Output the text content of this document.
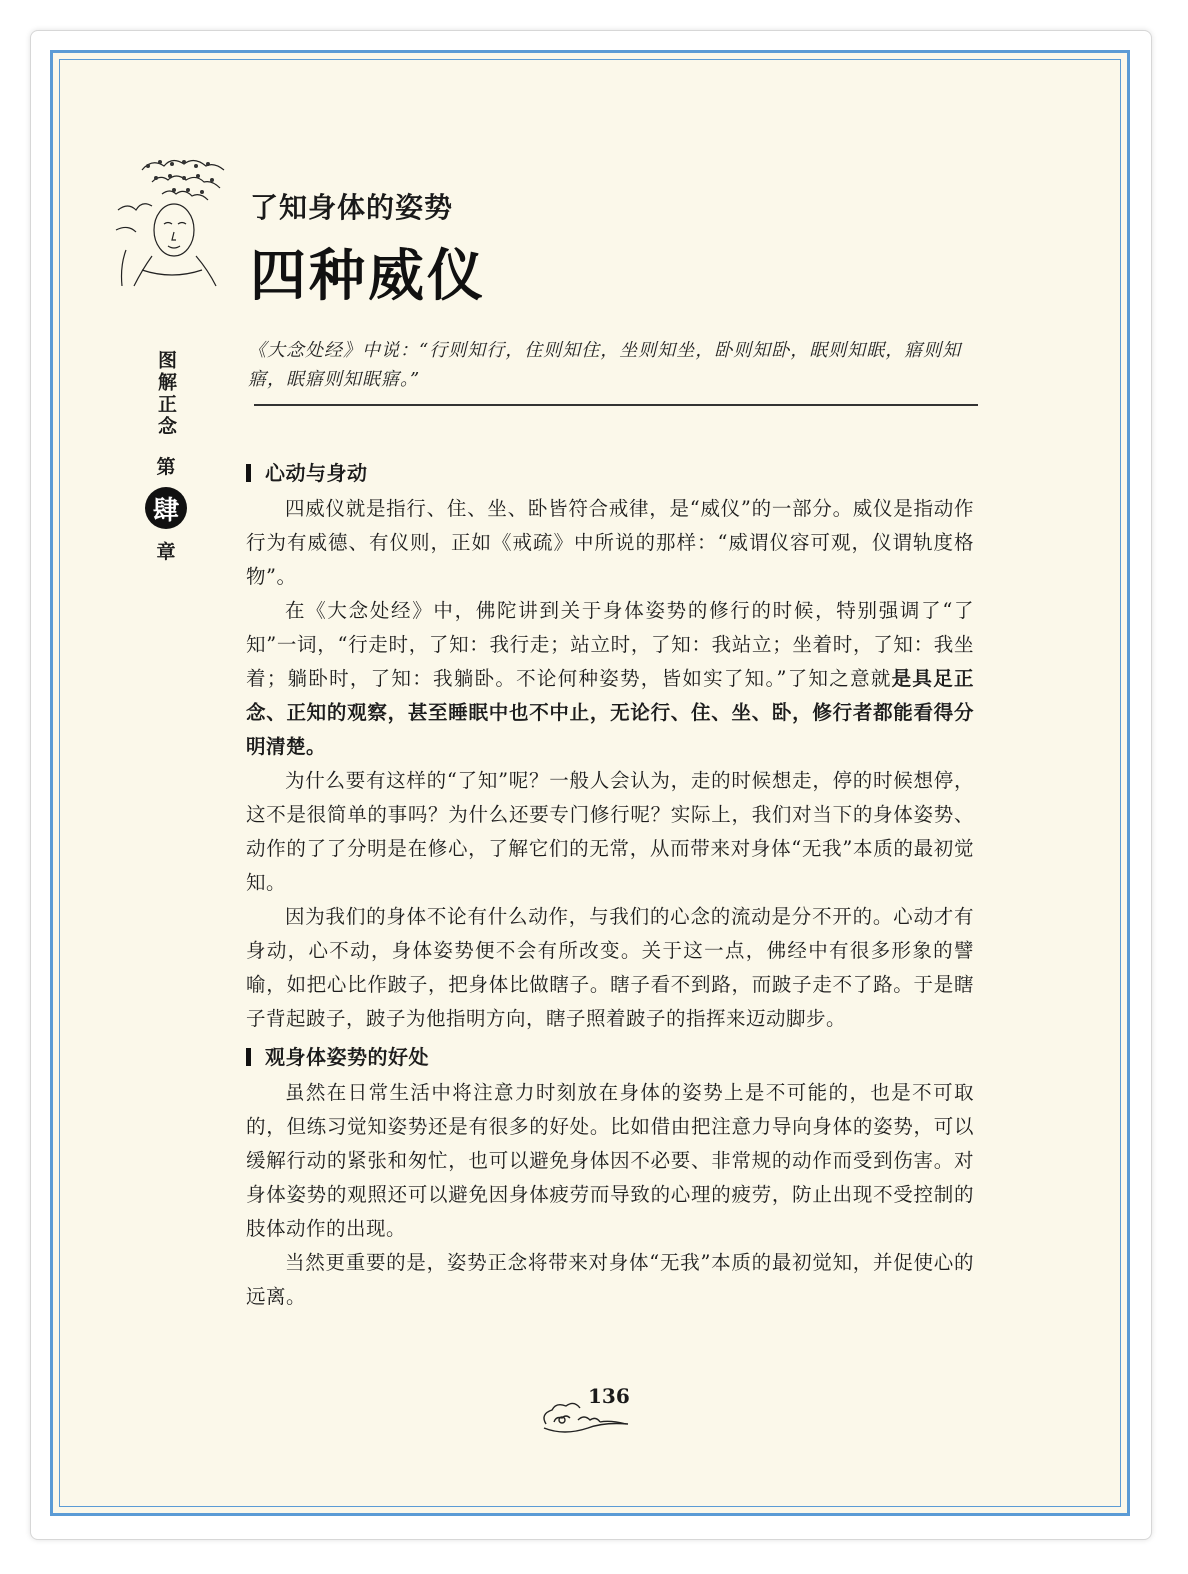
了知身体的姿势
四种威仪
图解正念
第
肆
章
《大念处经》中说：“行则知行，住则知住，坐则知坐，卧则知卧，眠则知眠，寤则知寤，眠寤则知眠寤。”
心动与身动

四威仪就是指行、住、坐、卧皆符合戒律，是“威仪”的一部分。威仪是指动作行为有威德、有仪则，正如《戒疏》中所说的那样：“威谓仪容可观，仪谓轨度格物”。

在《大念处经》中，佛陀讲到关于身体姿势的修行的时候，特别强调了“了知”一词，“行走时，了知：我行走；站立时，了知：我站立；坐着时，了知：我坐着；躺卧时，了知：我躺卧。不论何种姿势，皆如实了知。”了知之意就是具足正念、正知的观察，甚至睡眠中也不中止，无论行、住、坐、卧，修行者都能看得分明清楚。

为什么要有这样的“了知”呢？一般人会认为，走的时候想走，停的时候想停，这不是很简单的事吗？为什么还要专门修行呢？实际上，我们对当下的身体姿势、动作的了了分明是在修心，了解它们的无常，从而带来对身体“无我”本质的最初觉知。

因为我们的身体不论有什么动作，与我们的心念的流动是分不开的。心动才有身动，心不动，身体姿势便不会有所改变。关于这一点，佛经中有很多形象的譬喻，如把心比作跛子，把身体比做瞎子。瞎子看不到路，而跛子走不了路。于是瞎子背起跛子，跛子为他指明方向，瞎子照着跛子的指挥来迈动脚步。

观身体姿势的好处

虽然在日常生活中将注意力时刻放在身体的姿势上是不可能的，也是不可取的，但练习觉知姿势还是有很多的好处。比如借由把注意力导向身体的姿势，可以缓解行动的紧张和匆忙，也可以避免身体因不必要、非常规的动作而受到伤害。对身体姿势的观照还可以避免因身体疲劳而导致的心理的疲劳，防止出现不受控制的肢体动作的出现。

当然更重要的是，姿势正念将带来对身体“无我”本质的最初觉知，并促使心的远离。

136
